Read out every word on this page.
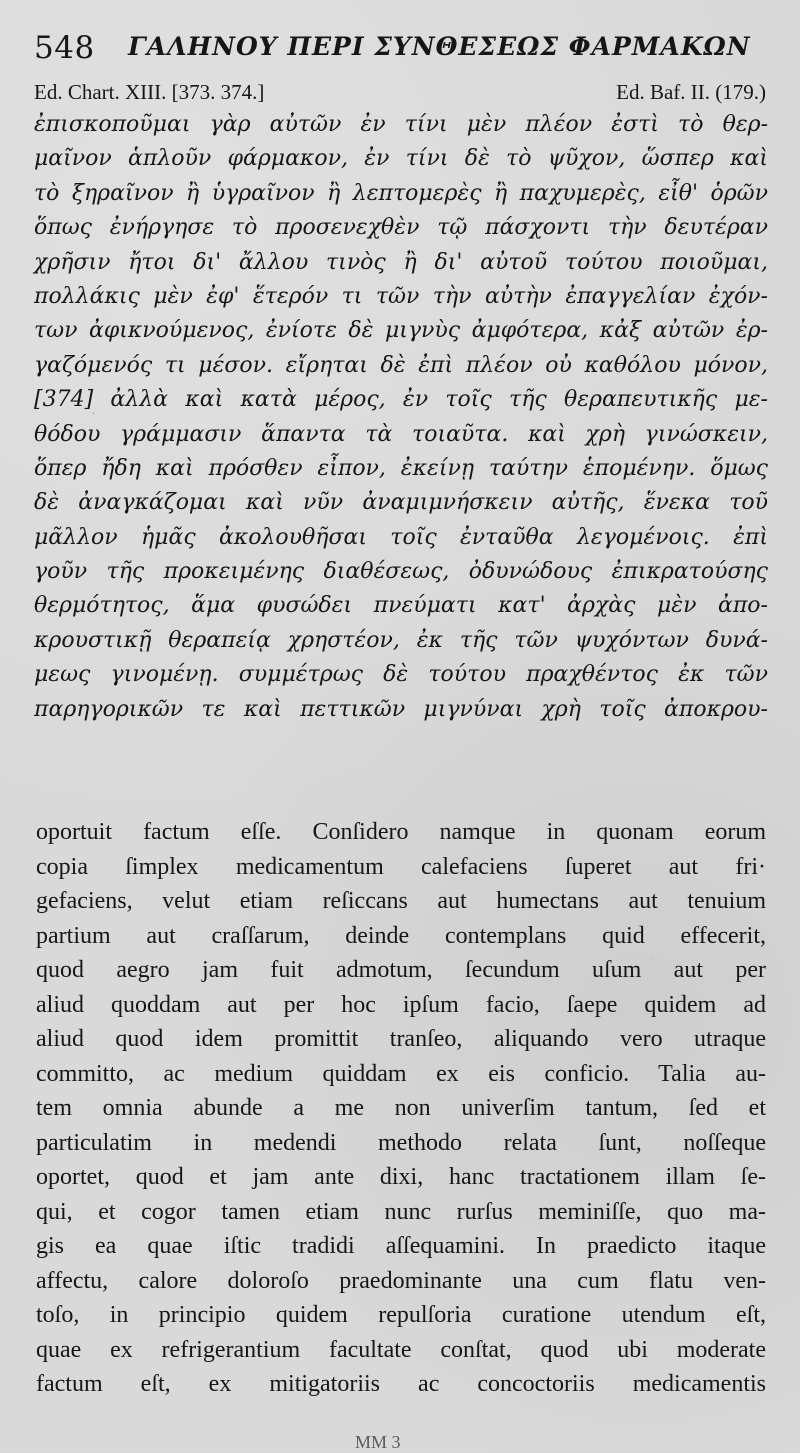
548 ΓΑΛΗΝΟΥ ΠΕΡΙ ΣΥΝΘΕΣΕΩΣ ΦΑΡΜΑΚΩΝ
Ed. Chart. XIII. [373. 374.]	Ed. Baf. II. (179.)
ἐπισκοποῦμαι γὰρ αὐτῶν ἐν τίνι μὲν πλέον ἐστὶ τὸ θερ-
μαῖνον ἁπλοῦν φάρμακον, ἐν τίνι δὲ τὸ ψῦχον, ὥσπερ καὶ
τὸ ξηραῖνον ἢ ὑγραῖνον ἢ λεπτομερὲς ἢ παχυμερὲς, εἶθ' ὁρῶν
ὅπως ἐνήργησε τὸ προσενεχθὲν τῷ πάσχοντι τὴν δευτέραν
χρῆσιν ἤτοι δι' ἄλλου τινὸς ἢ δι' αὐτοῦ τούτου ποιοῦμαι,
πολλάκις μὲν ἐφ' ἕτερόν τι τῶν τὴν αὐτὴν ἐπαγγελίαν ἐχόν-
των ἀφικνούμενος, ἐνίοτε δὲ μιγνὺς ἀμφότερα, κἀξ αὐτῶν ἐρ-
γαζόμενός τι μέσον. εἴρηται δὲ ἐπὶ πλέον οὐ καθόλου μόνον,
[374] ἀλλὰ καὶ κατὰ μέρος, ἐν τοῖς τῆς θεραπευτικῆς με-
θόδου γράμμασιν ἅπαντα τὰ τοιαῦτα. καὶ χρὴ γινώσκειν,
ὅπερ ἤδη καὶ πρόσθεν εἶπον, ἐκείνῃ ταύτην ἑπομένην. ὅμως
δὲ ἀναγκάζομαι καὶ νῦν ἀναμιμνήσκειν αὐτῆς, ἕνεκα τοῦ
μᾶλλον ἡμᾶς ἀκολουθῆσαι τοῖς ἐνταῦθα λεγομένοις. ἐπὶ
γοῦν τῆς προκειμένης διαθέσεως, ὀδυνώδους ἐπικρατούσης
θερμότητος, ἅμα φυσώδει πνεύματι κατ' ἀρχὰς μὲν ἀπο-
κρουστικῇ θεραπείᾳ χρηστέον, ἐκ τῆς τῶν ψυχόντων δυνά-
μεως γινομένῃ. συμμέτρως δὲ τούτου πραχθέντος ἐκ τῶν
παρηγορικῶν τε καὶ πεττικῶν μιγνύναι χρὴ τοῖς ἀποκρου-
oportuit factum eſſe. Conſidero namque in quonam eorum
copia ſimplex medicamentum calefaciens ſuperet aut fri·
gefaciens, velut etiam reſiccans aut humectans aut tenuium
partium aut craſſarum, deinde contemplans quid effecerit,
quod aegro jam fuit admotum, ſecundum uſum aut per
aliud quoddam aut per hoc ipſum facio, ſaepe quidem ad
aliud quod idem promittit tranſeo, aliquando vero utraque
committo, ac medium quiddam ex eis conficio. Talia au-
tem omnia abunde a me non univerſim tantum, ſed et
particulatim in medendi methodo relata ſunt, noſſeque
oportet, quod et jam ante dixi, hanc tractationem illam ſe-
qui, et cogor tamen etiam nunc rurſus meminiſſe, quo ma-
gis ea quae iſtic tradidi aſſequamini. In praedicto itaque
affectu, calore doloroſo praedominante una cum flatu ven-
toſo, in principio quidem repulſoria curatione utendum eſt,
quae ex refrigerantium facultate conſtat, quod ubi moderate
factum eſt, ex mitigatoriis ac concoctoriis medicamentis
MM 3
